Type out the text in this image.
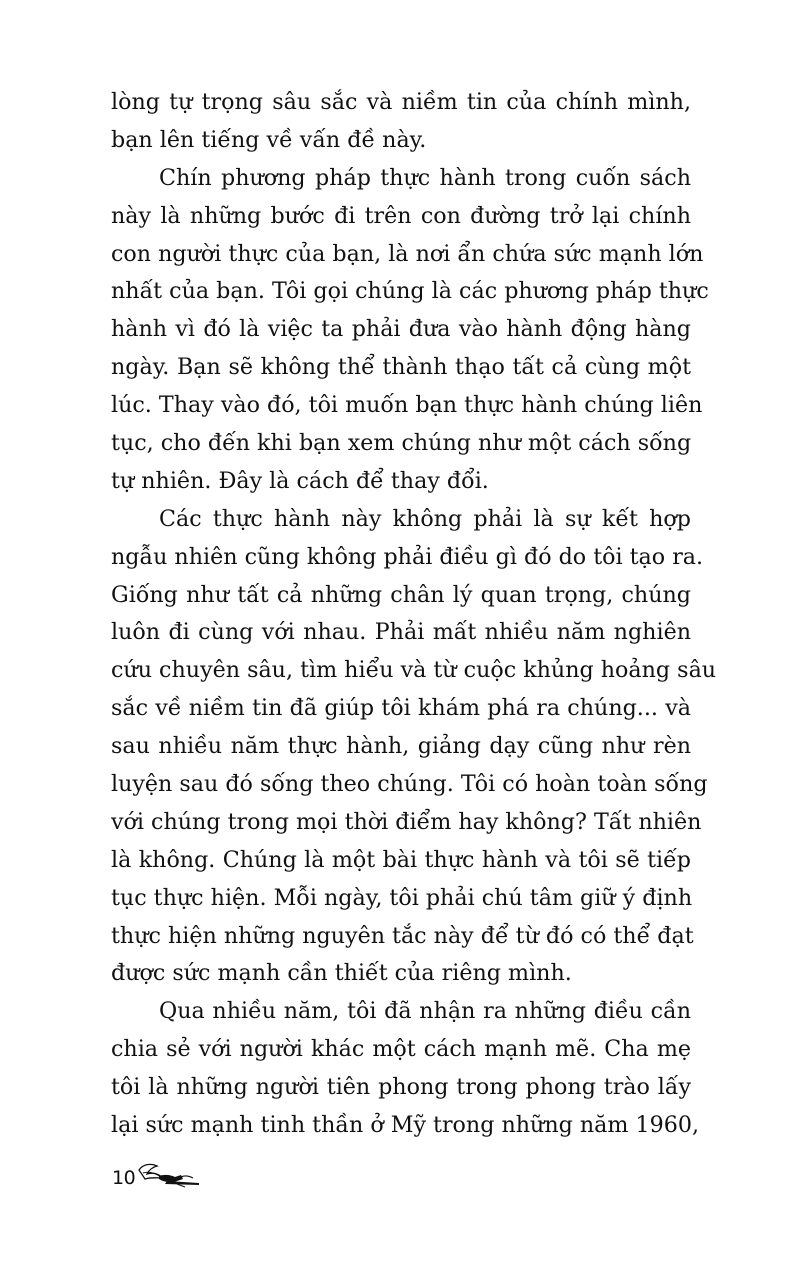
lòng tự trọng sâu sắc và niềm tin của chính mình,
bạn lên tiếng về vấn đề này.
Chín phương pháp thực hành trong cuốn sách
này là những bước đi trên con đường trở lại chính
con người thực của bạn, là nơi ẩn chứa sức mạnh lớn
nhất của bạn. Tôi gọi chúng là các phương pháp thực
hành vì đó là việc ta phải đưa vào hành động hàng
ngày. Bạn sẽ không thể thành thạo tất cả cùng một
lúc. Thay vào đó, tôi muốn bạn thực hành chúng liên
tục, cho đến khi bạn xem chúng như một cách sống
tự nhiên. Đây là cách để thay đổi.
Các thực hành này không phải là sự kết hợp
ngẫu nhiên cũng không phải điều gì đó do tôi tạo ra.
Giống như tất cả những chân lý quan trọng, chúng
luôn đi cùng với nhau. Phải mất nhiều năm nghiên
cứu chuyên sâu, tìm hiểu và từ cuộc khủng hoảng sâu
sắc về niềm tin đã giúp tôi khám phá ra chúng... và
sau nhiều năm thực hành, giảng dạy cũng như rèn
luyện sau đó sống theo chúng. Tôi có hoàn toàn sống
với chúng trong mọi thời điểm hay không? Tất nhiên
là không. Chúng là một bài thực hành và tôi sẽ tiếp
tục thực hiện. Mỗi ngày, tôi phải chú tâm giữ ý định
thực hiện những nguyên tắc này để từ đó có thể đạt
được sức mạnh cần thiết của riêng mình.
Qua nhiều năm, tôi đã nhận ra những điều cần
chia sẻ với người khác một cách mạnh mẽ. Cha mẹ
tôi là những người tiên phong trong phong trào lấy
lại sức mạnh tinh thần ở Mỹ trong những năm 1960,
10
